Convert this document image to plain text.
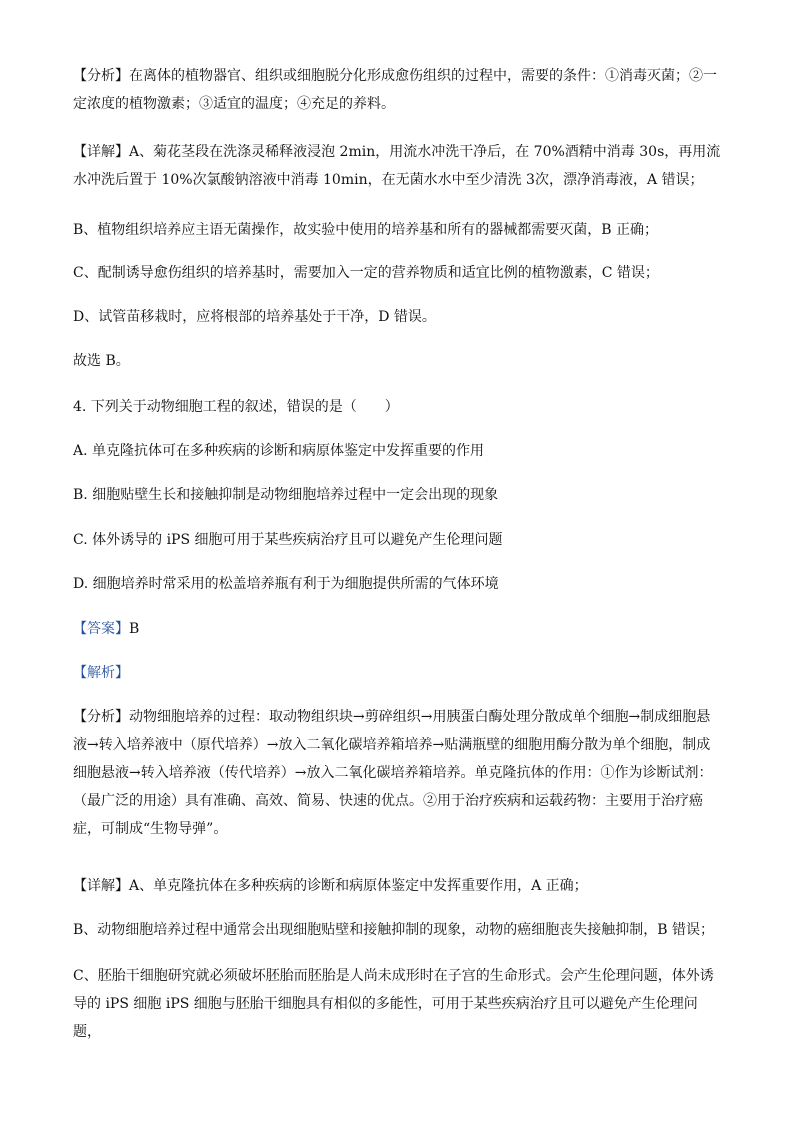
【分析】在离体的植物器官、组织或细胞脱分化形成愈伤组织的过程中，需要的条件：①消毒灭菌；②一定浓度的植物激素；③适宜的温度；④充足的养料。

【详解】A、菊花茎段在洗涤灵稀释液浸泡 2min，用流水冲洗干净后，在 70%酒精中消毒 30s，再用流水冲洗后置于 10%次氯酸钠溶液中消毒 10min，在无菌水水中至少清洗 3次，漂净消毒液，A 错误；

B、植物组织培养应主语无菌操作，故实验中使用的培养基和所有的器械都需要灭菌，B 正确；

C、配制诱导愈伤组织的培养基时，需要加入一定的营养物质和适宜比例的植物激素，C 错误；

D、试管苗移栽时，应将根部的培养基处于干净，D 错误。

故选 B。

4. 下列关于动物细胞工程的叙述，错误的是（　　）

A. 单克隆抗体可在多种疾病的诊断和病原体鉴定中发挥重要的作用

B. 细胞贴壁生长和接触抑制是动物细胞培养过程中一定会出现的现象

C. 体外诱导的 iPS 细胞可用于某些疾病治疗且可以避免产生伦理问题

D. 细胞培养时常采用的松盖培养瓶有利于为细胞提供所需的气体环境

【答案】B

【解析】

【分析】动物细胞培养的过程：取动物组织块→剪碎组织→用胰蛋白酶处理分散成单个细胞→制成细胞悬液→转入培养液中（原代培养）→放入二氧化碳培养箱培养→贴满瓶壁的细胞用酶分散为单个细胞，制成细胞悬液→转入培养液（传代培养）→放入二氧化碳培养箱培养。单克隆抗体的作用：①作为诊断试剂：（最广泛的用途）具有准确、高效、简易、快速的优点。②用于治疗疾病和运载药物：主要用于治疗癌症，可制成“生物导弹”。

【详解】A、单克隆抗体在多种疾病的诊断和病原体鉴定中发挥重要作用，A 正确；

B、动物细胞培养过程中通常会出现细胞贴壁和接触抑制的现象，动物的癌细胞丧失接触抑制，B 错误；

C、胚胎干细胞研究就必须破坏胚胎而胚胎是人尚未成形时在子宫的生命形式。会产生伦理问题，体外诱导的 iPS 细胞 iPS 细胞与胚胎干细胞具有相似的多能性，可用于某些疾病治疗且可以避免产生伦理问题，
